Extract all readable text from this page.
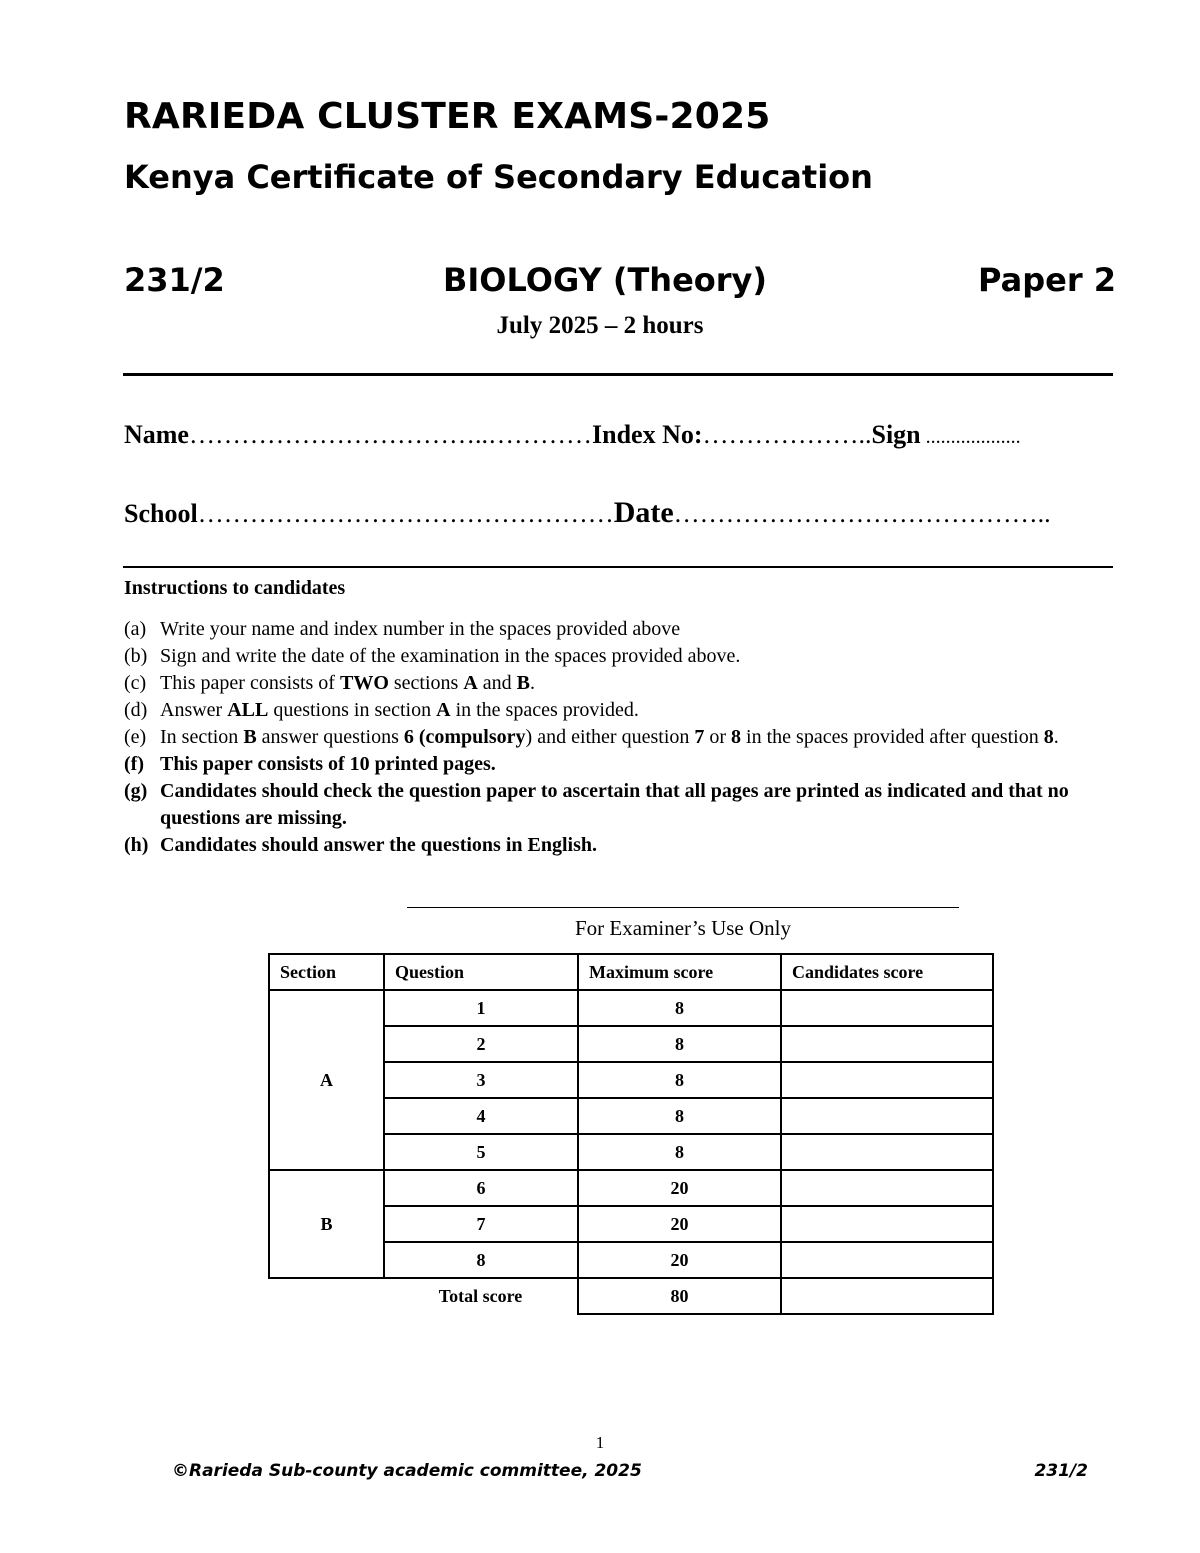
RARIEDA CLUSTER EXAMS-2025
Kenya Certificate of Secondary Education
231/2	BIOLOGY (Theory)	Paper 2
July 2025 – 2 hours
Name……………………………..…………Index No:………………..Sign ...................
School…………………………………………Date……………………………………..
Instructions to candidates
(a) Write your name and index number in the spaces provided above
(b) Sign and write the date of the examination in the spaces provided above.
(c) This paper consists of TWO sections A and B.
(d) Answer ALL questions in section A in the spaces provided.
(e) In section B answer questions 6 (compulsory) and either question 7 or 8 in the spaces provided after question 8.
(f) This paper consists of 10 printed pages.
(g) Candidates should check the question paper to ascertain that all pages are printed as indicated and that no questions are missing.
(h) Candidates should answer the questions in English.
For Examiner’s Use Only
Section	Question	Maximum score	Candidates score
A	1	8	
	2	8	
	3	8	
	4	8	
	5	8	
B	6	20	
	7	20	
	8	20	
	Total score	80	
1
©Rarieda Sub-county academic committee, 2025	231/2
